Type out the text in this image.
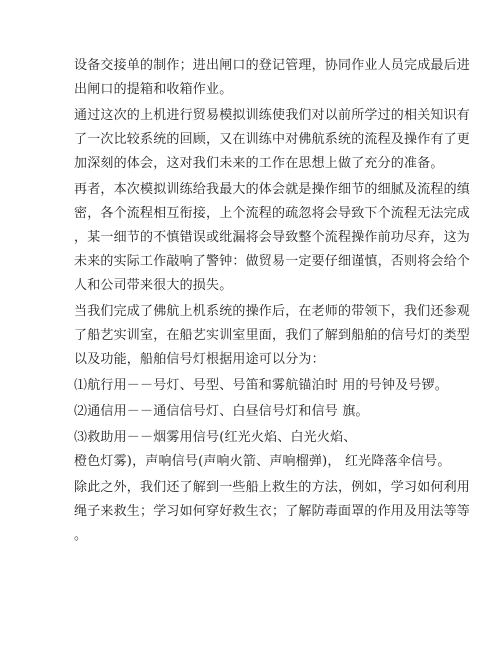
设备交接单的制作；进出闸口的登记管理，协同作业人员完成最后进
出闸口的提箱和收箱作业。
通过这次的上机进行贸易模拟训练使我们对以前所学过的相关知识有
了一次比较系统的回顾，又在训练中对佛航系统的流程及操作有了更
加深刻的体会，这对我们未来的工作在思想上做了充分的准备。
再者，本次模拟训练给我最大的体会就是操作细节的细腻及流程的缜
密，各个流程相互衔接，上个流程的疏忽将会导致下个流程无法完成
，某一细节的不慎错误或纰漏将会导致整个流程操作前功尽弃，这为
未来的实际工作敲响了警钟：做贸易一定要仔细谨慎，否则将会给个
人和公司带来很大的损失。
当我们完成了佛航上机系统的操作后，在老师的带领下，我们还参观
了船艺实训室，在船艺实训室里面，我们了解到船舶的信号灯的类型
以及功能，船舶信号灯根据用途可以分为：
⑴航行用－－号灯、号型、号笛和雾航锚泊时 用的号钟及号锣。
⑵通信用－－通信信号灯、白昼信号灯和信号 旗。
⑶救助用－－烟雾用信号(红光火焰、白光火焰、
橙色灯雾)，声响信号(声响火箭、声响榴弹)， 红光降落伞信号。
除此之外，我们还了解到一些船上救生的方法，例如，学习如何利用
绳子来救生；学习如何穿好救生衣；了解防毒面罩的作用及用法等等
。
